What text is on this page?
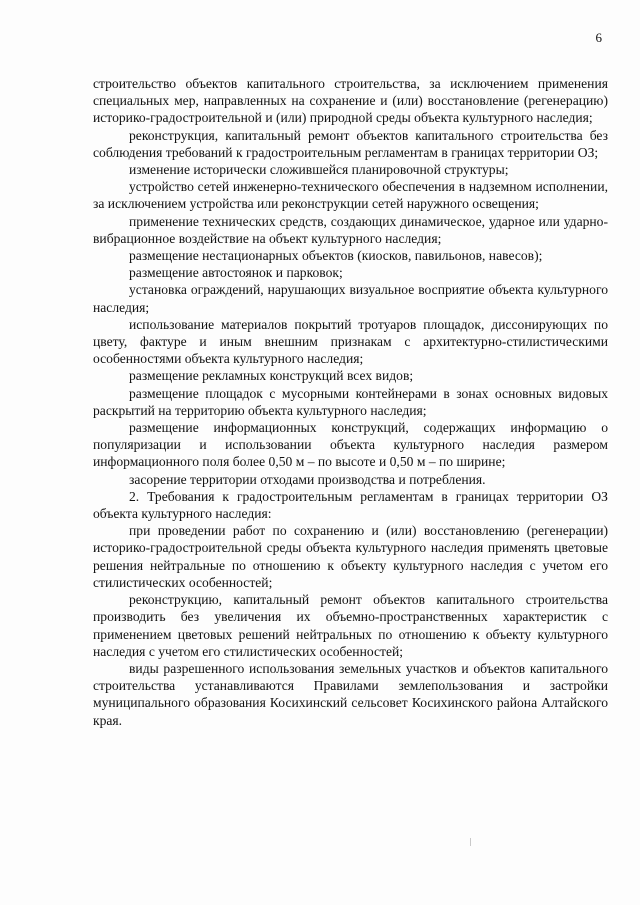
6

строительство объектов капитального строительства, за исключением применения специальных мер, направленных на сохранение и (или) восстановление (регенерацию) историко-градостроительной и (или) природной среды объекта культурного наследия;

реконструкция, капитальный ремонт объектов капитального строительства без соблюдения требований к градостроительным регламентам в границах территории ОЗ;

изменение исторически сложившейся планировочной структуры;

устройство сетей инженерно-технического обеспечения в надземном исполнении, за исключением устройства или реконструкции сетей наружного освещения;

применение технических средств, создающих динамическое, ударное или ударно-вибрационное воздействие на объект культурного наследия;

размещение нестационарных объектов (киосков, павильонов, навесов);

размещение автостоянок и парковок;

установка ограждений, нарушающих визуальное восприятие объекта культурного наследия;

использование материалов покрытий тротуаров площадок, диссонирующих по цвету, фактуре и иным внешним признакам с архитектурно-стилистическими особенностями объекта культурного наследия;

размещение рекламных конструкций всех видов;

размещение площадок с мусорными контейнерами в зонах основных видовых раскрытий на территорию объекта культурного наследия;

размещение информационных конструкций, содержащих информацию о популяризации и использовании объекта культурного наследия размером информационного поля более 0,50 м – по высоте и 0,50 м – по ширине;

засорение территории отходами производства и потребления.

2. Требования к градостроительным регламентам в границах территории ОЗ объекта культурного наследия:

при проведении работ по сохранению и (или) восстановлению (регенерации) историко-градостроительной среды объекта культурного наследия применять цветовые решения нейтральные по отношению к объекту культурного наследия с учетом его стилистических особенностей;

реконструкцию, капитальный ремонт объектов капитального строительства производить без увеличения их объемно-пространственных характеристик с применением цветовых решений нейтральных по отношению к объекту культурного наследия с учетом его стилистических особенностей;

виды разрешенного использования земельных участков и объектов капитального строительства устанавливаются Правилами землепользования и застройки муниципального образования Косихинский сельсовет Косихинского района Алтайского края.
